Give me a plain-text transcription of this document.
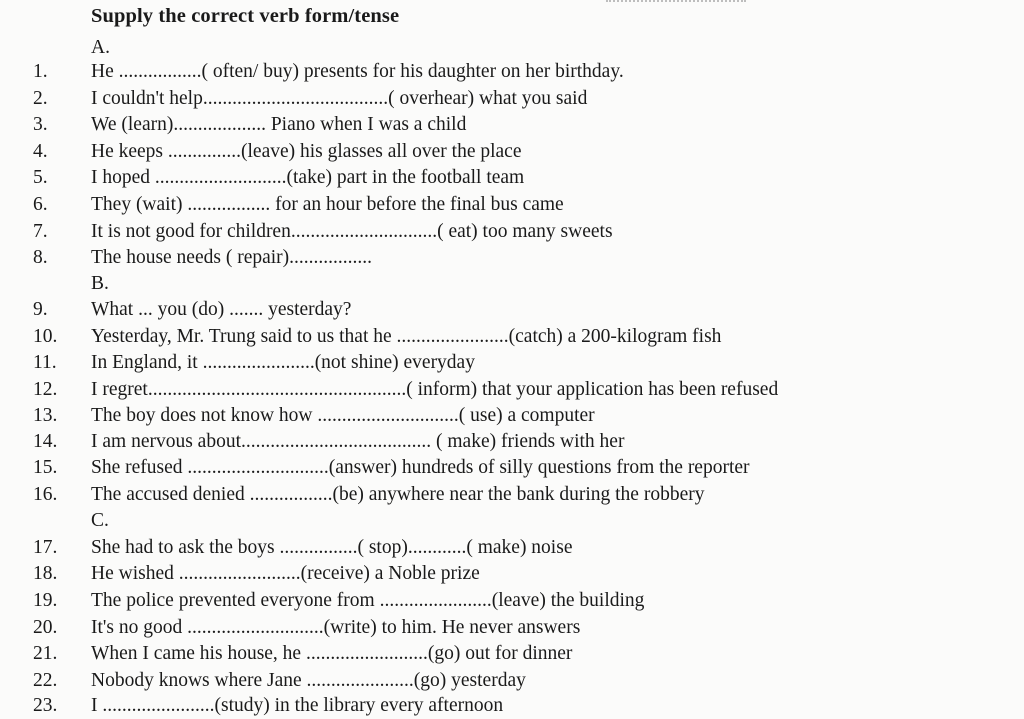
Supply the correct verb form/tense
A.
1. He .................( often/ buy) presents for his daughter on her birthday.
2. I couldn't help......................................( overhear) what you said
3. We (learn)................... Piano when I was a child
4. He keeps ...............(leave) his glasses all over the place
5. I hoped ...........................(take) part in the football team
6. They (wait) ................. for an hour before the final bus came
7. It is not good for children..............................( eat) too many sweets
8. The house needs ( repair).................
B.
9. What ... you (do) ....... yesterday?
10. Yesterday, Mr. Trung said to us that he .......................(catch) a 200-kilogram fish
11. In England, it .......................(not shine) everyday
12. I regret.....................................................( inform) that your application has been refused
13. The boy does not know how .............................( use) a computer
14. I am nervous about....................................... ( make) friends with her
15. She refused .............................(answer) hundreds of silly questions from the reporter
16. The accused denied .................(be) anywhere near the bank during the robbery
C.
17. She had to ask the boys ................( stop)............( make) noise
18. He wished .........................(receive) a Noble prize
19. The police prevented everyone from .......................(leave) the building
20. It's no good ............................(write) to him. He never answers
21. When I came his house, he .........................(go) out for dinner
22. Nobody knows where Jane ......................(go) yesterday
23. I .......................(study) in the library every afternoon
